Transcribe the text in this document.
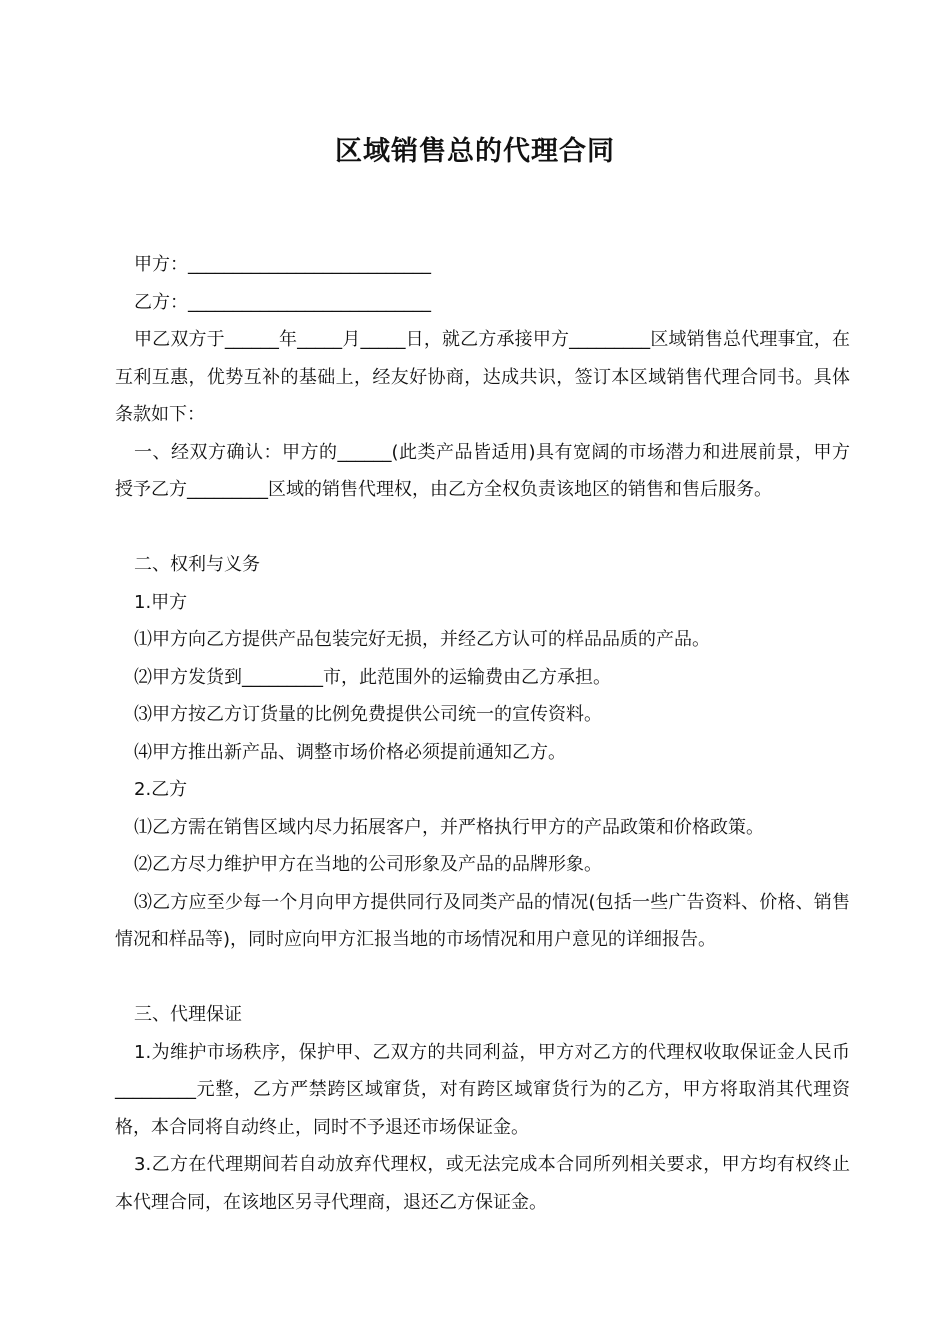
区域销售总的代理合同

甲方：___________________________

乙方：___________________________

甲乙双方于______年_____月_____日，就乙方承接甲方_________区域销售总代理事宜，在互利互惠，优势互补的基础上，经友好协商，达成共识，签订本区域销售代理合同书。具体条款如下：

一、经双方确认：甲方的______(此类产品皆适用)具有宽阔的市场潜力和进展前景，甲方授予乙方_________区域的销售代理权，由乙方全权负责该地区的销售和售后服务。

二、权利与义务

1.甲方

⑴甲方向乙方提供产品包装完好无损，并经乙方认可的样品品质的产品。

⑵甲方发货到_________市，此范围外的运输费由乙方承担。

⑶甲方按乙方订货量的比例免费提供公司统一的宣传资料。

⑷甲方推出新产品、调整市场价格必须提前通知乙方。

2.乙方

⑴乙方需在销售区域内尽力拓展客户，并严格执行甲方的产品政策和价格政策。

⑵乙方尽力维护甲方在当地的公司形象及产品的品牌形象。

⑶乙方应至少每一个月向甲方提供同行及同类产品的情况(包括一些广告资料、价格、销售情况和样品等)，同时应向甲方汇报当地的市场情况和用户意见的详细报告。

三、代理保证

1.为维护市场秩序，保护甲、乙双方的共同利益，甲方对乙方的代理权收取保证金人民币_________元整，乙方严禁跨区域窜货，对有跨区域窜货行为的乙方，甲方将取消其代理资格，本合同将自动终止，同时不予退还市场保证金。

3.乙方在代理期间若自动放弃代理权，或无法完成本合同所列相关要求，甲方均有权终止本代理合同，在该地区另寻代理商，退还乙方保证金。
